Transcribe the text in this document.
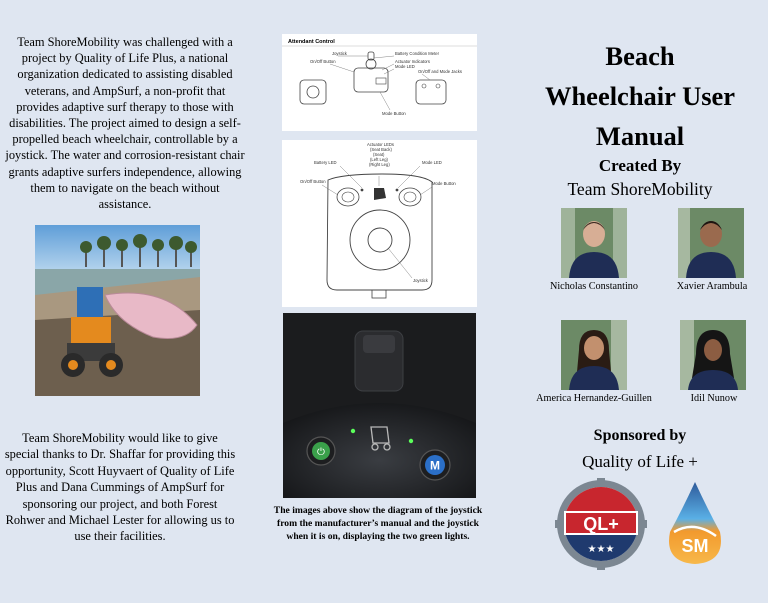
Team ShoreMobility was challenged with a project by Quality of Life Plus, a national organization dedicated to assisting disabled veterans, and AmpSurf, a non-profit that provides adaptive surf therapy to those with disabilities. The project aimed to design a self-propelled beach wheelchair, controllable by a joystick. The water and corrosion-resistant chair grants adaptive surfers independence, allowing them to navigate on the beach without assistance.
Team ShoreMobility would like to give special thanks to Dr. Shaffar for providing this opportunity, Scott Huyvaert of Quality of Life Plus and Dana Cummings of AmpSurf for sponsoring our project, and both Forest Rohwer and Michael Lester for allowing us to use their facilities.
Attendant Control
Joystick
On/Off Button
Battery Condition Meter
Actuator Indicators
Mode LED
On/Off and Mode Jacks
Mode Button
Actuator LEDs
(Seat Back)
(Seat)
(Left Leg)
(Right Leg)
Battery LED	Mode LED
On/Off Button	Mode Button
Joystick
⏻
M
The images above show the diagram of the joystick from the manufacturer’s manual and the joystick when it is on, displaying the two green lights.
Beach Wheelchair User Manual
Created By
Team ShoreMobility
Nicholas Constantino	Xavier Arambula
America Hernandez-Guillen	Idil Nunow
Sponsored by
Quality of Life +
QL+
★★★	SM
